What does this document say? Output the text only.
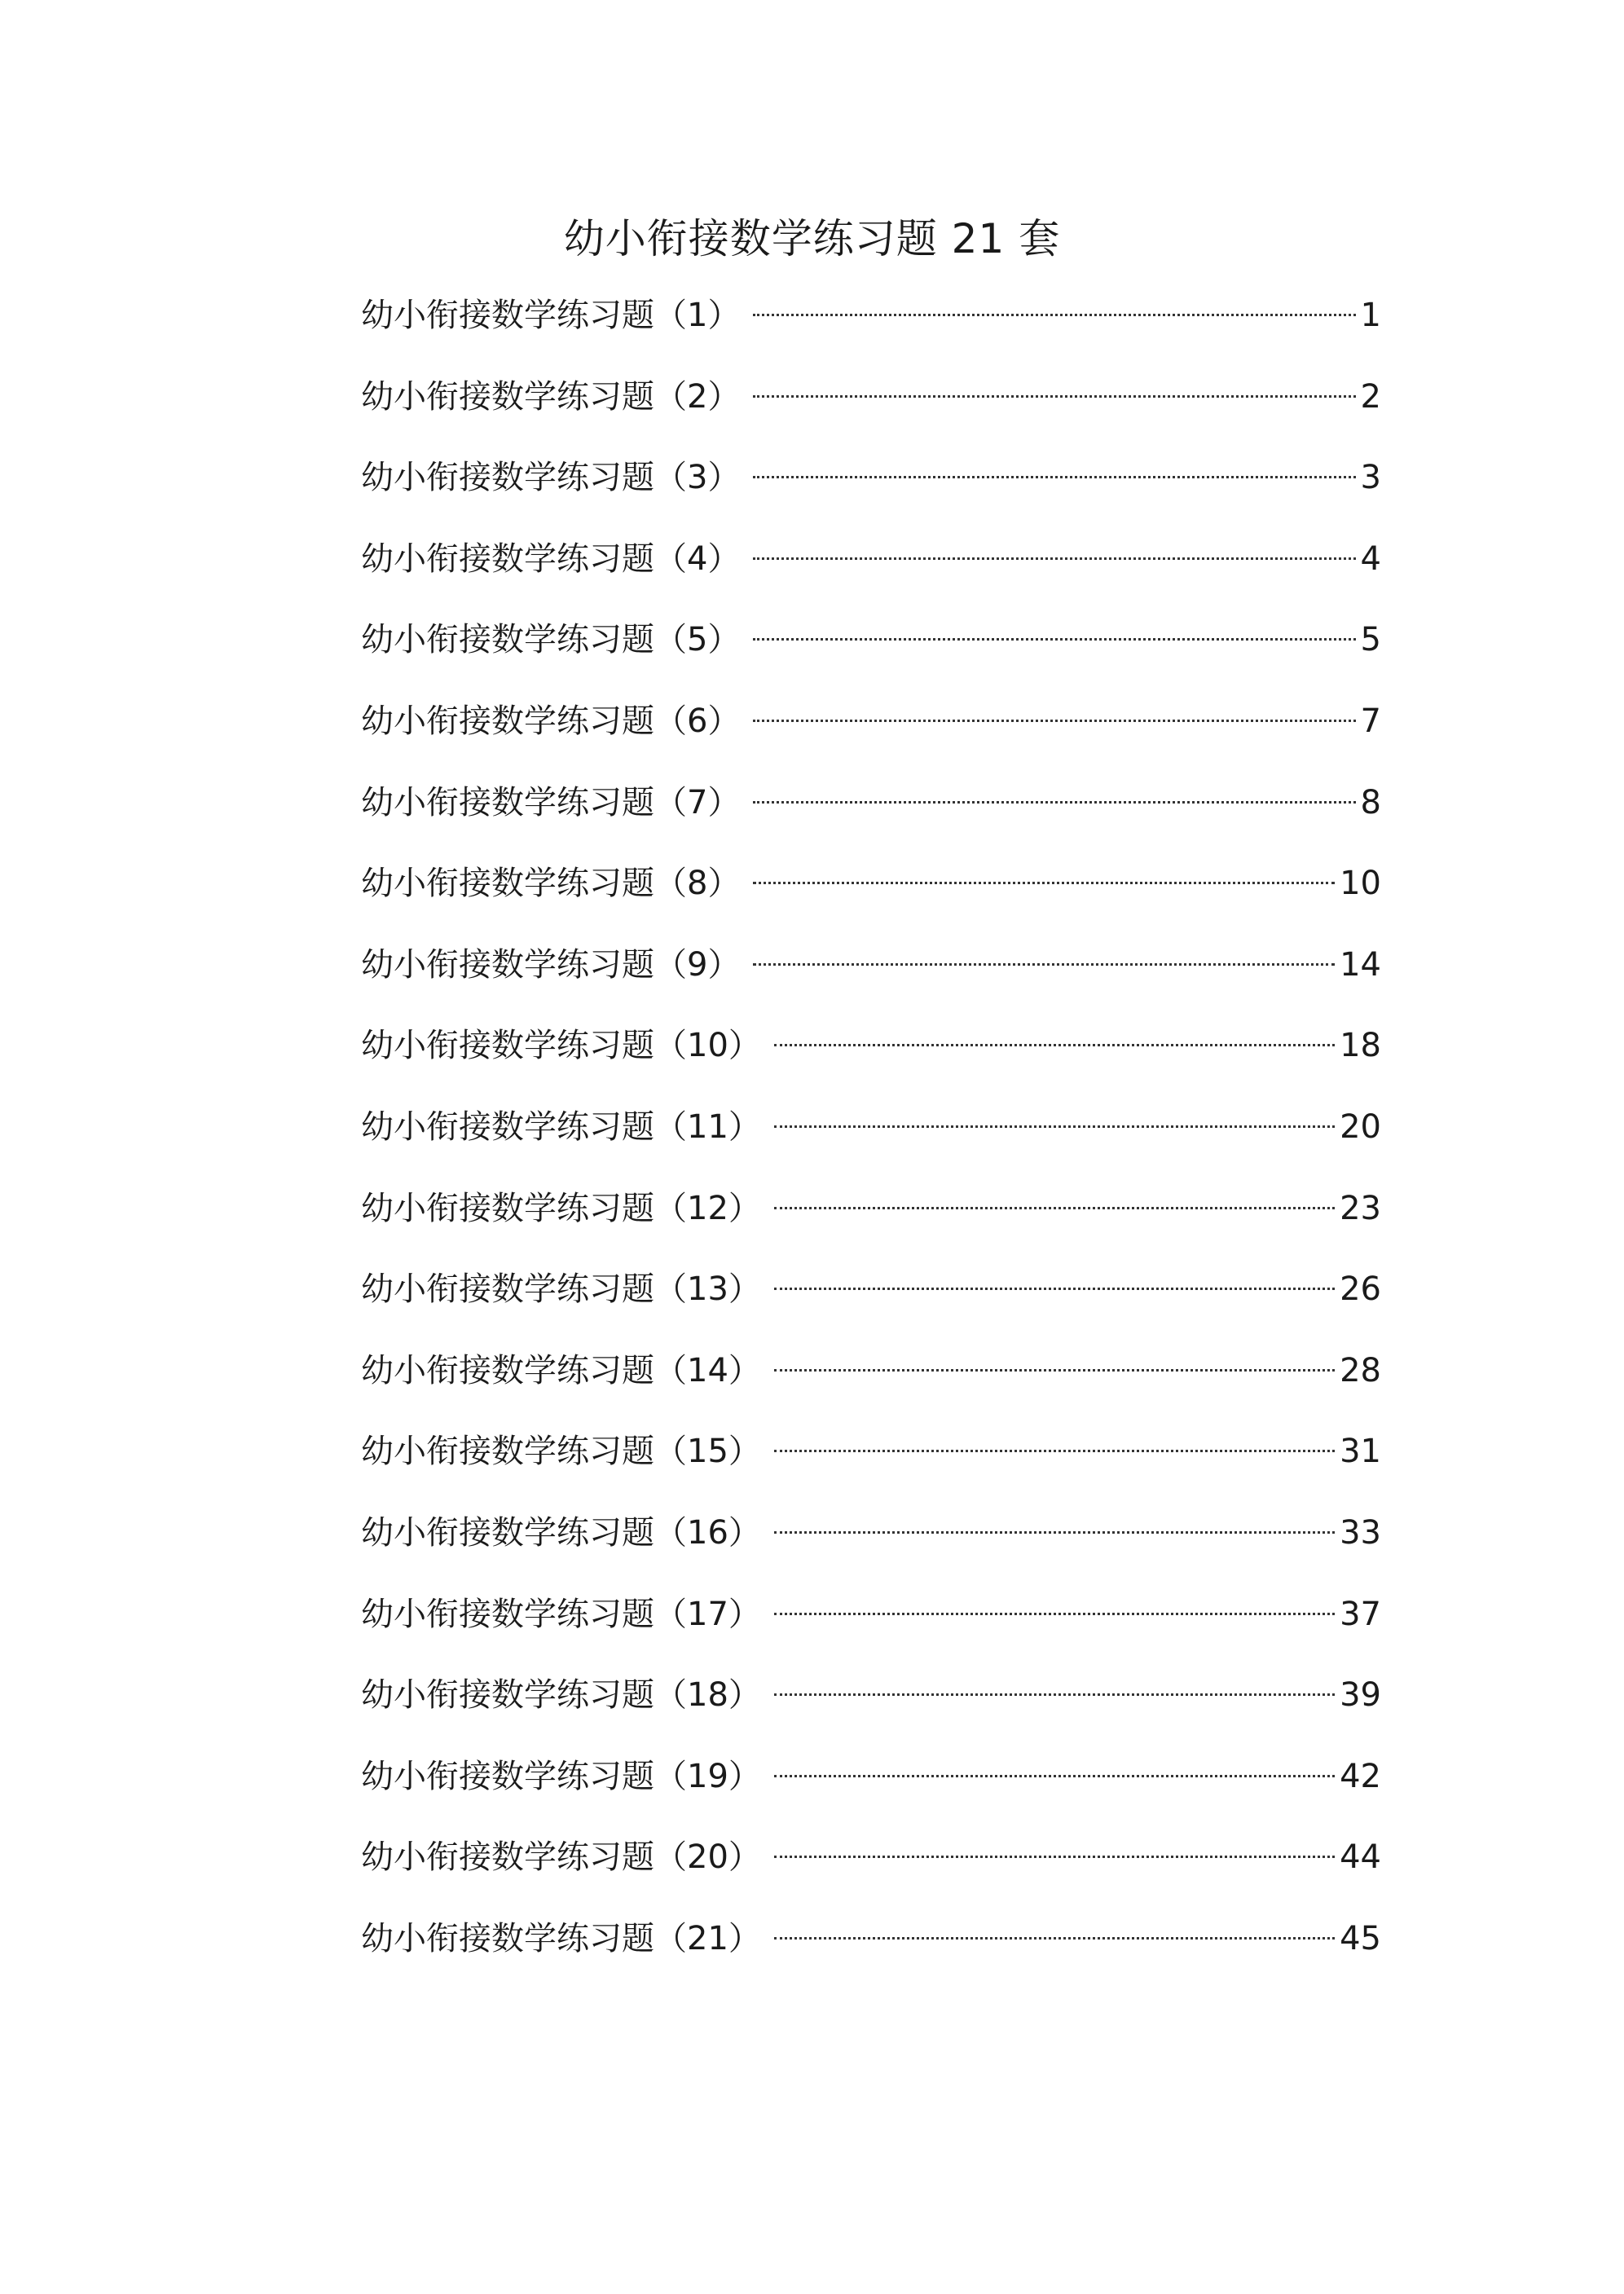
幼小衔接数学练习题 21 套
幼小衔接数学练习题（1）	1
幼小衔接数学练习题（2）	2
幼小衔接数学练习题（3）	3
幼小衔接数学练习题（4）	4
幼小衔接数学练习题（5）	5
幼小衔接数学练习题（6）	7
幼小衔接数学练习题（7）	8
幼小衔接数学练习题（8）	10
幼小衔接数学练习题（9）	14
幼小衔接数学练习题（10）	18
幼小衔接数学练习题（11）	20
幼小衔接数学练习题（12）	23
幼小衔接数学练习题（13）	26
幼小衔接数学练习题（14）	28
幼小衔接数学练习题（15）	31
幼小衔接数学练习题（16）	33
幼小衔接数学练习题（17）	37
幼小衔接数学练习题（18）	39
幼小衔接数学练习题（19）	42
幼小衔接数学练习题（20）	44
幼小衔接数学练习题（21）	45
